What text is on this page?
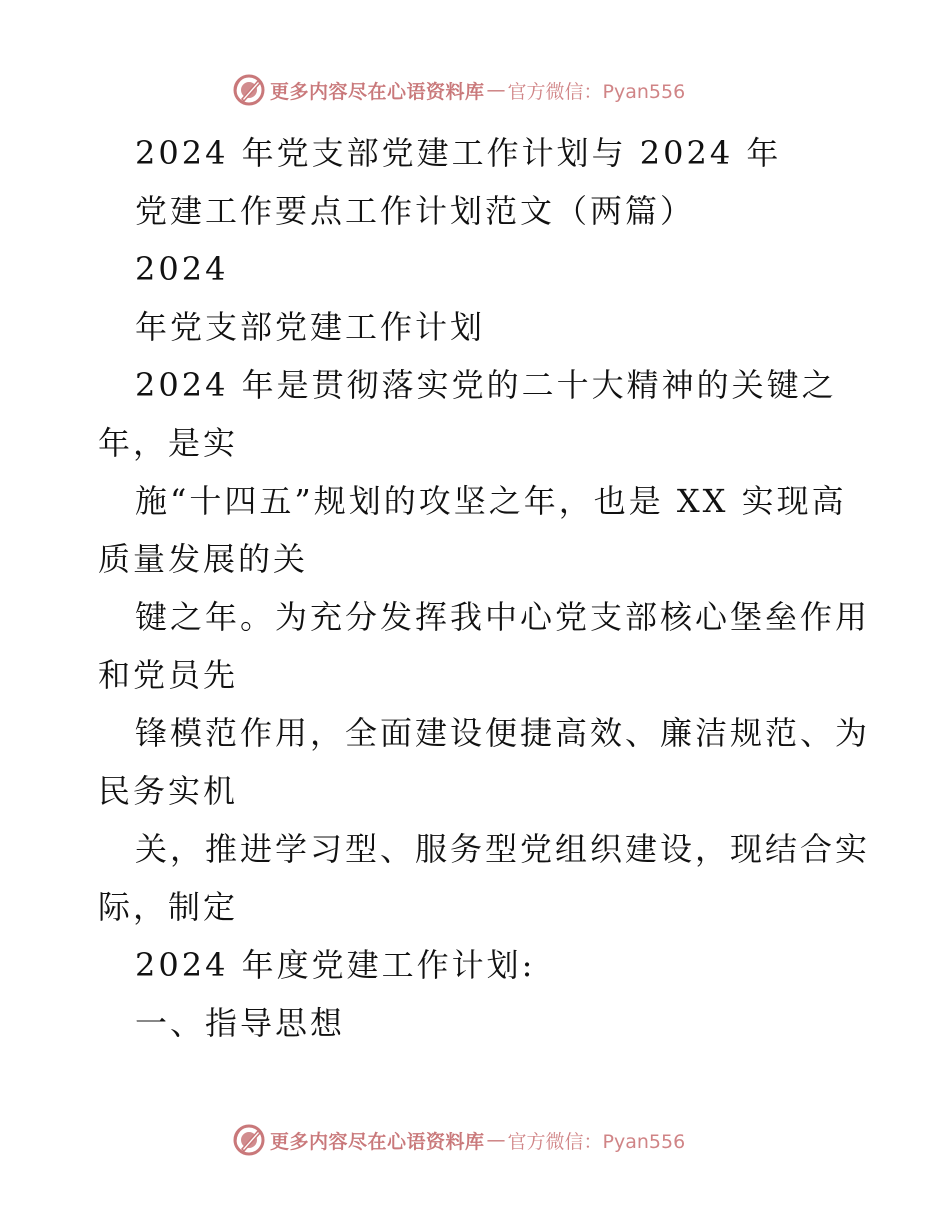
更多内容尽在心语资料库 — 官方微信：Pyan556
2024 年党支部党建工作计划与 2024 年
党建工作要点工作计划范文（两篇）
2024
年党支部党建工作计划
2024 年是贯彻落实党的二十大精神的关键之
年，是实
施“十四五”规划的攻坚之年，也是 XX 实现高
质量发展的关
键之年。为充分发挥我中心党支部核心堡垒作用
和党员先
锋模范作用，全面建设便捷高效、廉洁规范、为
民务实机
关，推进学习型、服务型党组织建设，现结合实
际，制定
2024 年度党建工作计划:
一、指导思想
更多内容尽在心语资料库 — 官方微信：Pyan556
